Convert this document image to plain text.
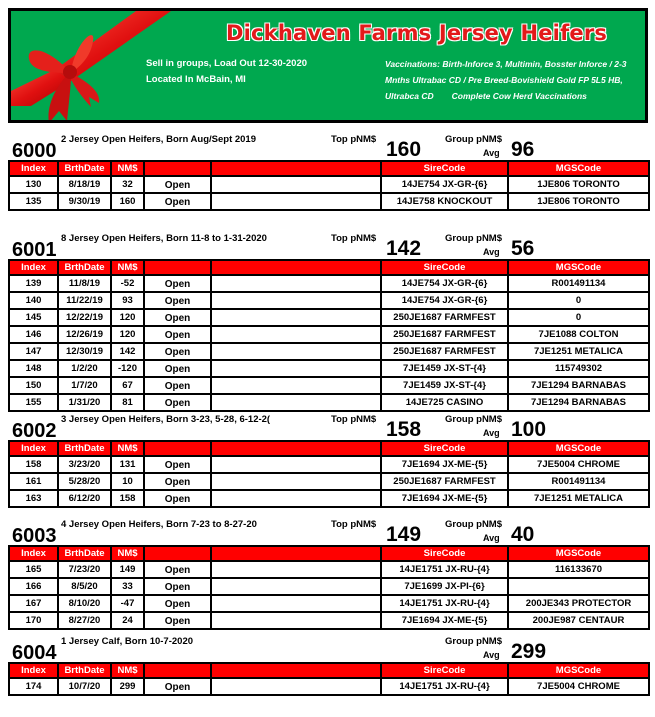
Dickhaven Farms Jersey Heifers
Sell in groups, Load Out 12-30-2020
Located In McBain, MI
Vaccinations: Birth-Inforce 3, Multimin, Bosster Inforce / 2-3
Mnths Ultrabac CD / Pre Breed-Bovishield Gold FP 5L5 HB,
Ultrabca CD Complete Cow Herd Vaccinations
6000
2 Jersey Open Heifers, Born Aug/Sept 2019	Top pNM$ 160	Group pNM$
Avg 96
Index	BrthDate	NM$			SireCode	MGSCode
130	8/18/19	32	Open		14JE754 JX-GR-{6}	1JE806 TORONTO
135	9/30/19	160	Open		14JE758 KNOCKOUT	1JE806 TORONTO
6001
8 Jersey Open Heifers, Born 11-8 to 1-31-2020	Top pNM$ 142	Group pNM$
Avg 56
Index	BrthDate	NM$			SireCode	MGSCode
139	11/8/19	-52	Open		14JE754 JX-GR-{6}	R001491134
140	11/22/19	93	Open		14JE754 JX-GR-{6}	0
145	12/22/19	120	Open		250JE1687 FARMFEST	0
146	12/26/19	120	Open		250JE1687 FARMFEST	7JE1088 COLTON
147	12/30/19	142	Open		250JE1687 FARMFEST	7JE1251 METALICA
148	1/2/20	-120	Open		7JE1459 JX-ST-{4}	115749302
150	1/7/20	67	Open		7JE1459 JX-ST-{4}	7JE1294 BARNABAS
155	1/31/20	81	Open		14JE725 CASINO	7JE1294 BARNABAS
6002
3 Jersey Open Heifers, Born 3-23, 5-28, 6-12-2(	Top pNM$ 158	Group pNM$
Avg 100
Index	BrthDate	NM$			SireCode	MGSCode
158	3/23/20	131	Open		7JE1694 JX-ME-{5}	7JE5004 CHROME
161	5/28/20	10	Open		250JE1687 FARMFEST	R001491134
163	6/12/20	158	Open		7JE1694 JX-ME-{5}	7JE1251 METALICA
6003
4 Jersey Open Heifers, Born 7-23 to 8-27-20	Top pNM$ 149	Group pNM$
Avg 40
Index	BrthDate	NM$			SireCode	MGSCode
165	7/23/20	149	Open		14JE1751 JX-RU-{4}	116133670
166	8/5/20	33	Open		7JE1699 JX-PI-{6}	
167	8/10/20	-47	Open		14JE1751 JX-RU-{4}	200JE343 PROTECTOR
170	8/27/20	24	Open		7JE1694 JX-ME-{5}	200JE987 CENTAUR
6004
1 Jersey Calf, Born 10-7-2020	Group pNM$
Avg 299
Index	BrthDate	NM$			SireCode	MGSCode
174	10/7/20	299	Open		14JE1751 JX-RU-{4}	7JE5004 CHROME
